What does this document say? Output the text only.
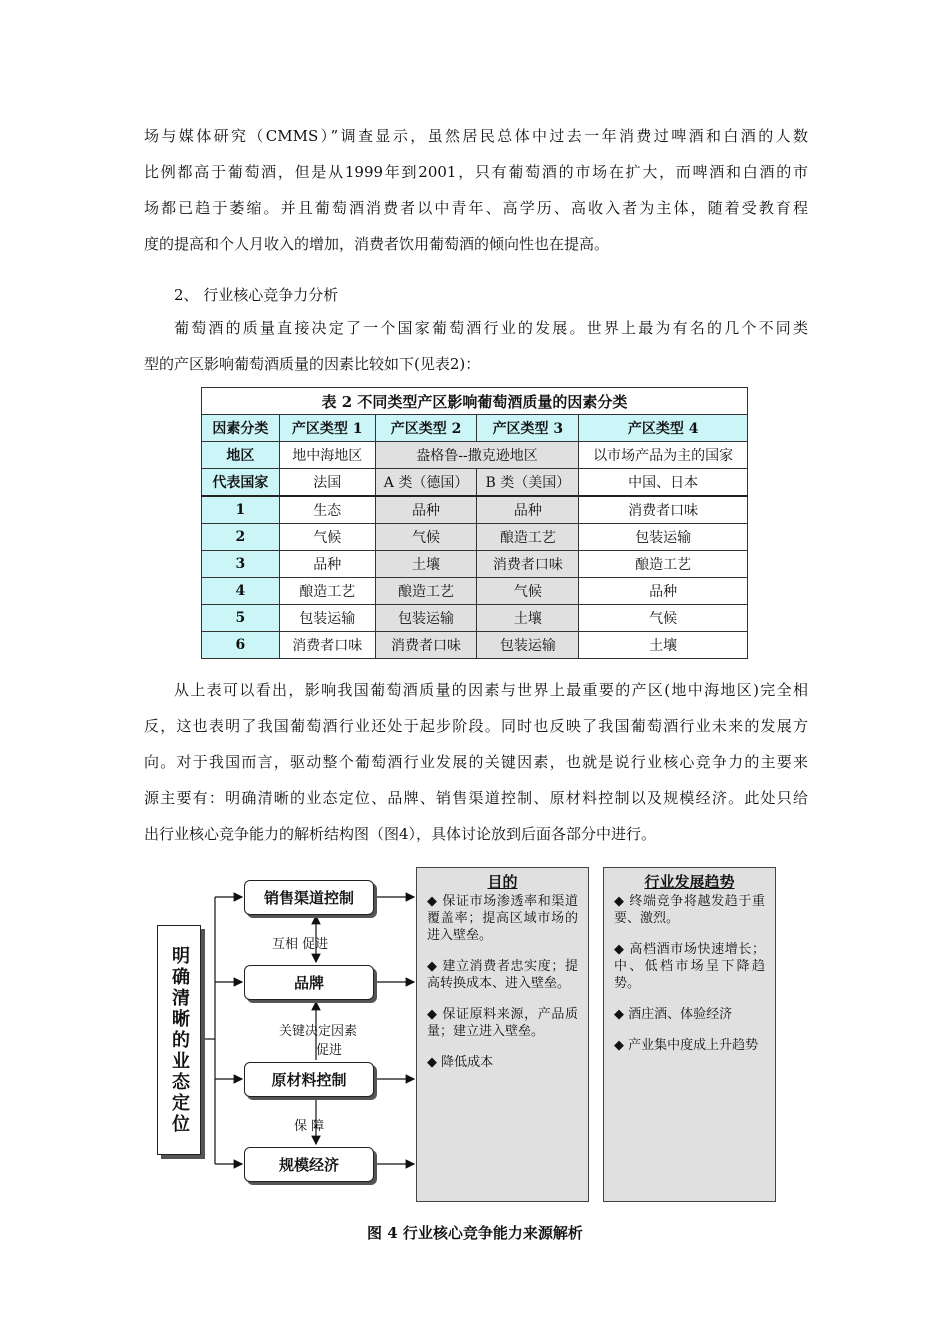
场与媒体研究（CMMS）”调查显示，虽然居民总体中过去一年消费过啤酒和白酒的人数
比例都高于葡萄酒，但是从1999年到2001，只有葡萄酒的市场在扩大，而啤酒和白酒的市
场都已趋于萎缩。并且葡萄酒消费者以中青年、高学历、高收入者为主体，随着受教育程
度的提高和个人月收入的增加，消费者饮用葡萄酒的倾向性也在提高。

2、 行业核心竞争力分析

葡萄酒的质量直接决定了一个国家葡萄酒行业的发展。世界上最为有名的几个不同类
型的产区影响葡萄酒质量的因素比较如下(见表2)：
表 2 不同类型产区影响葡萄酒质量的因素分类				
因素分类	产区类型 1	产区类型 2	产区类型 3	产区类型 4
地区	地中海地区	盎格鲁--撒克逊地区		以市场产品为主的国家
代表国家	法国	A 类（德国）	B 类（美国）	中国、日本
1	生态	品种	品种	消费者口味
2	气候	气候	酿造工艺	包装运输
3	品种	土壤	消费者口味	酿造工艺
4	酿造工艺	酿造工艺	气候	品种
5	包装运输	包装运输	土壤	气候
6	消费者口味	消费者口味	包装运输	土壤
从上表可以看出，影响我国葡萄酒质量的因素与世界上最重要的产区(地中海地区)完全相
反，这也表明了我国葡萄酒行业还处于起步阶段。同时也反映了我国葡萄酒行业未来的发展方
向。对于我国而言，驱动整个葡萄酒行业发展的关键因素，也就是说行业核心竞争力的主要来
源主要有：明确清晰的业态定位、品牌、销售渠道控制、原材料控制以及规模经济。此处只给
出行业核心竞争能力的解析结构图（图4），具体讨论放到后面各部分中进行。
明确清晰的业态定位
销售渠道控制
品牌
原材料控制
规模经济
互相 促进
关键决定因素
促进
保 障
目的
◆ 保证市场渗透率和渠道覆盖率；提高区域市场的进入壁垒。
◆ 建立消费者忠实度；提高转换成本、进入壁垒。
◆ 保证原料来源，产品质量；建立进入壁垒。
◆ 降低成本
行业发展趋势
◆ 终端竞争将越发趋于重要、激烈。
◆ 高档酒市场快速增长；中、低档市场呈下降趋势。
◆ 酒庄酒、体验经济
◆ 产业集中度成上升趋势
图 4 行业核心竞争能力来源解析
